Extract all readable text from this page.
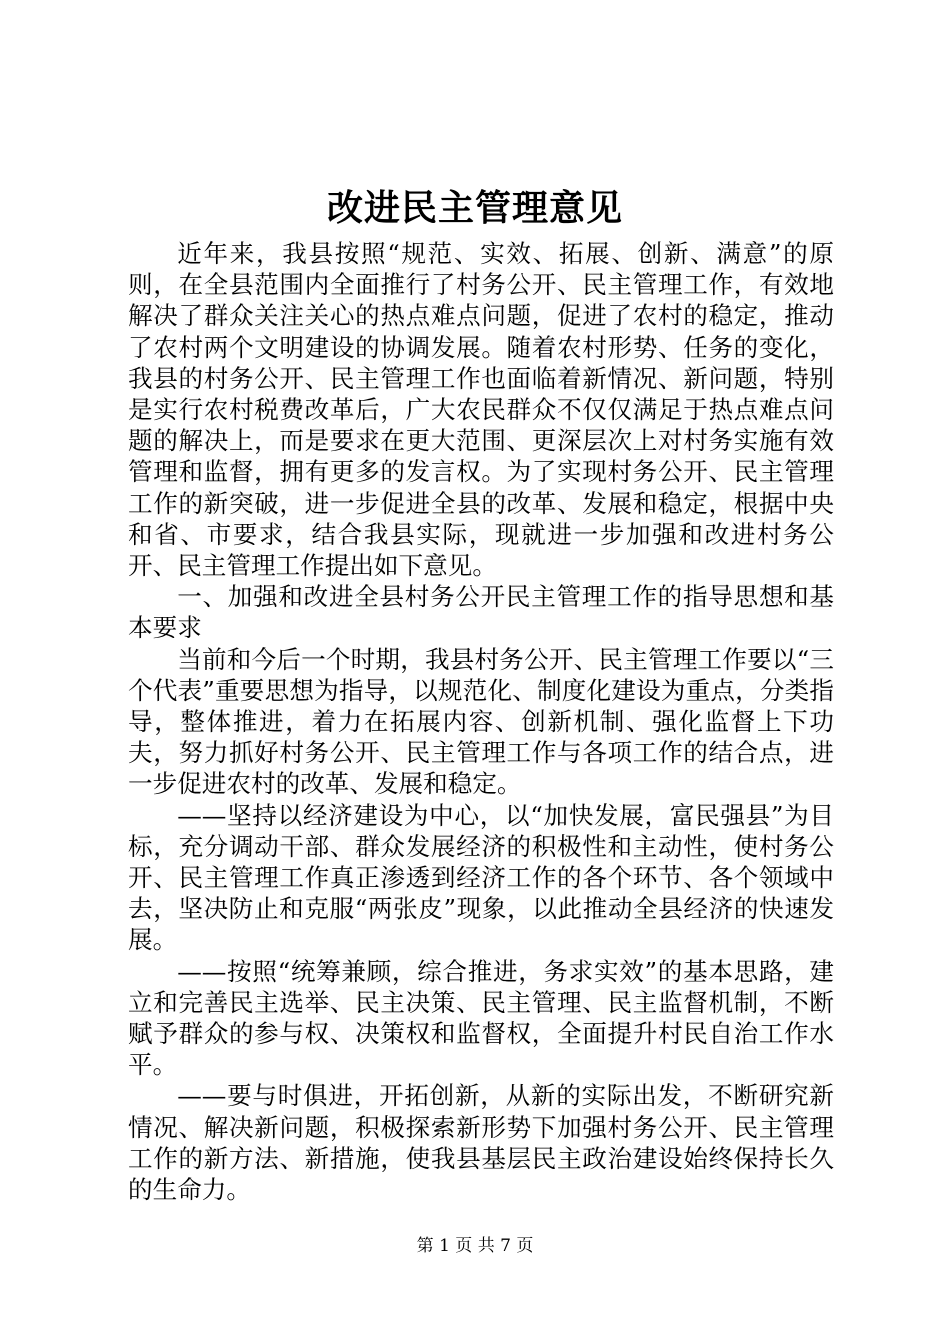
改进民主管理意见

近年来，我县按照“规范、实效、拓展、创新、满意”的原则，在全县范围内全面推行了村务公开、民主管理工作，有效地解决了群众关注关心的热点难点问题，促进了农村的稳定，推动了农村两个文明建设的协调发展。随着农村形势、任务的变化，我县的村务公开、民主管理工作也面临着新情况、新问题，特别是实行农村税费改革后，广大农民群众不仅仅满足于热点难点问题的解决上，而是要求在更大范围、更深层次上对村务实施有效管理和监督，拥有更多的发言权。为了实现村务公开、民主管理工作的新突破，进一步促进全县的改革、发展和稳定，根据中央和省、市要求，结合我县实际，现就进一步加强和改进村务公开、民主管理工作提出如下意见。

一、加强和改进全县村务公开民主管理工作的指导思想和基本要求

当前和今后一个时期，我县村务公开、民主管理工作要以“三个代表”重要思想为指导，以规范化、制度化建设为重点，分类指导，整体推进，着力在拓展内容、创新机制、强化监督上下功夫，努力抓好村务公开、民主管理工作与各项工作的结合点，进一步促进农村的改革、发展和稳定。

——坚持以经济建设为中心，以“加快发展，富民强县”为目标，充分调动干部、群众发展经济的积极性和主动性，使村务公开、民主管理工作真正渗透到经济工作的各个环节、各个领域中去，坚决防止和克服“两张皮”现象，以此推动全县经济的快速发展。

——按照“统筹兼顾，综合推进，务求实效”的基本思路，建立和完善民主选举、民主决策、民主管理、民主监督机制，不断赋予群众的参与权、决策权和监督权，全面提升村民自治工作水平。

——要与时俱进，开拓创新，从新的实际出发，不断研究新情况、解决新问题，积极探索新形势下加强村务公开、民主管理工作的新方法、新措施，使我县基层民主政治建设始终保持长久的生命力。

第 1 页 共 7 页
